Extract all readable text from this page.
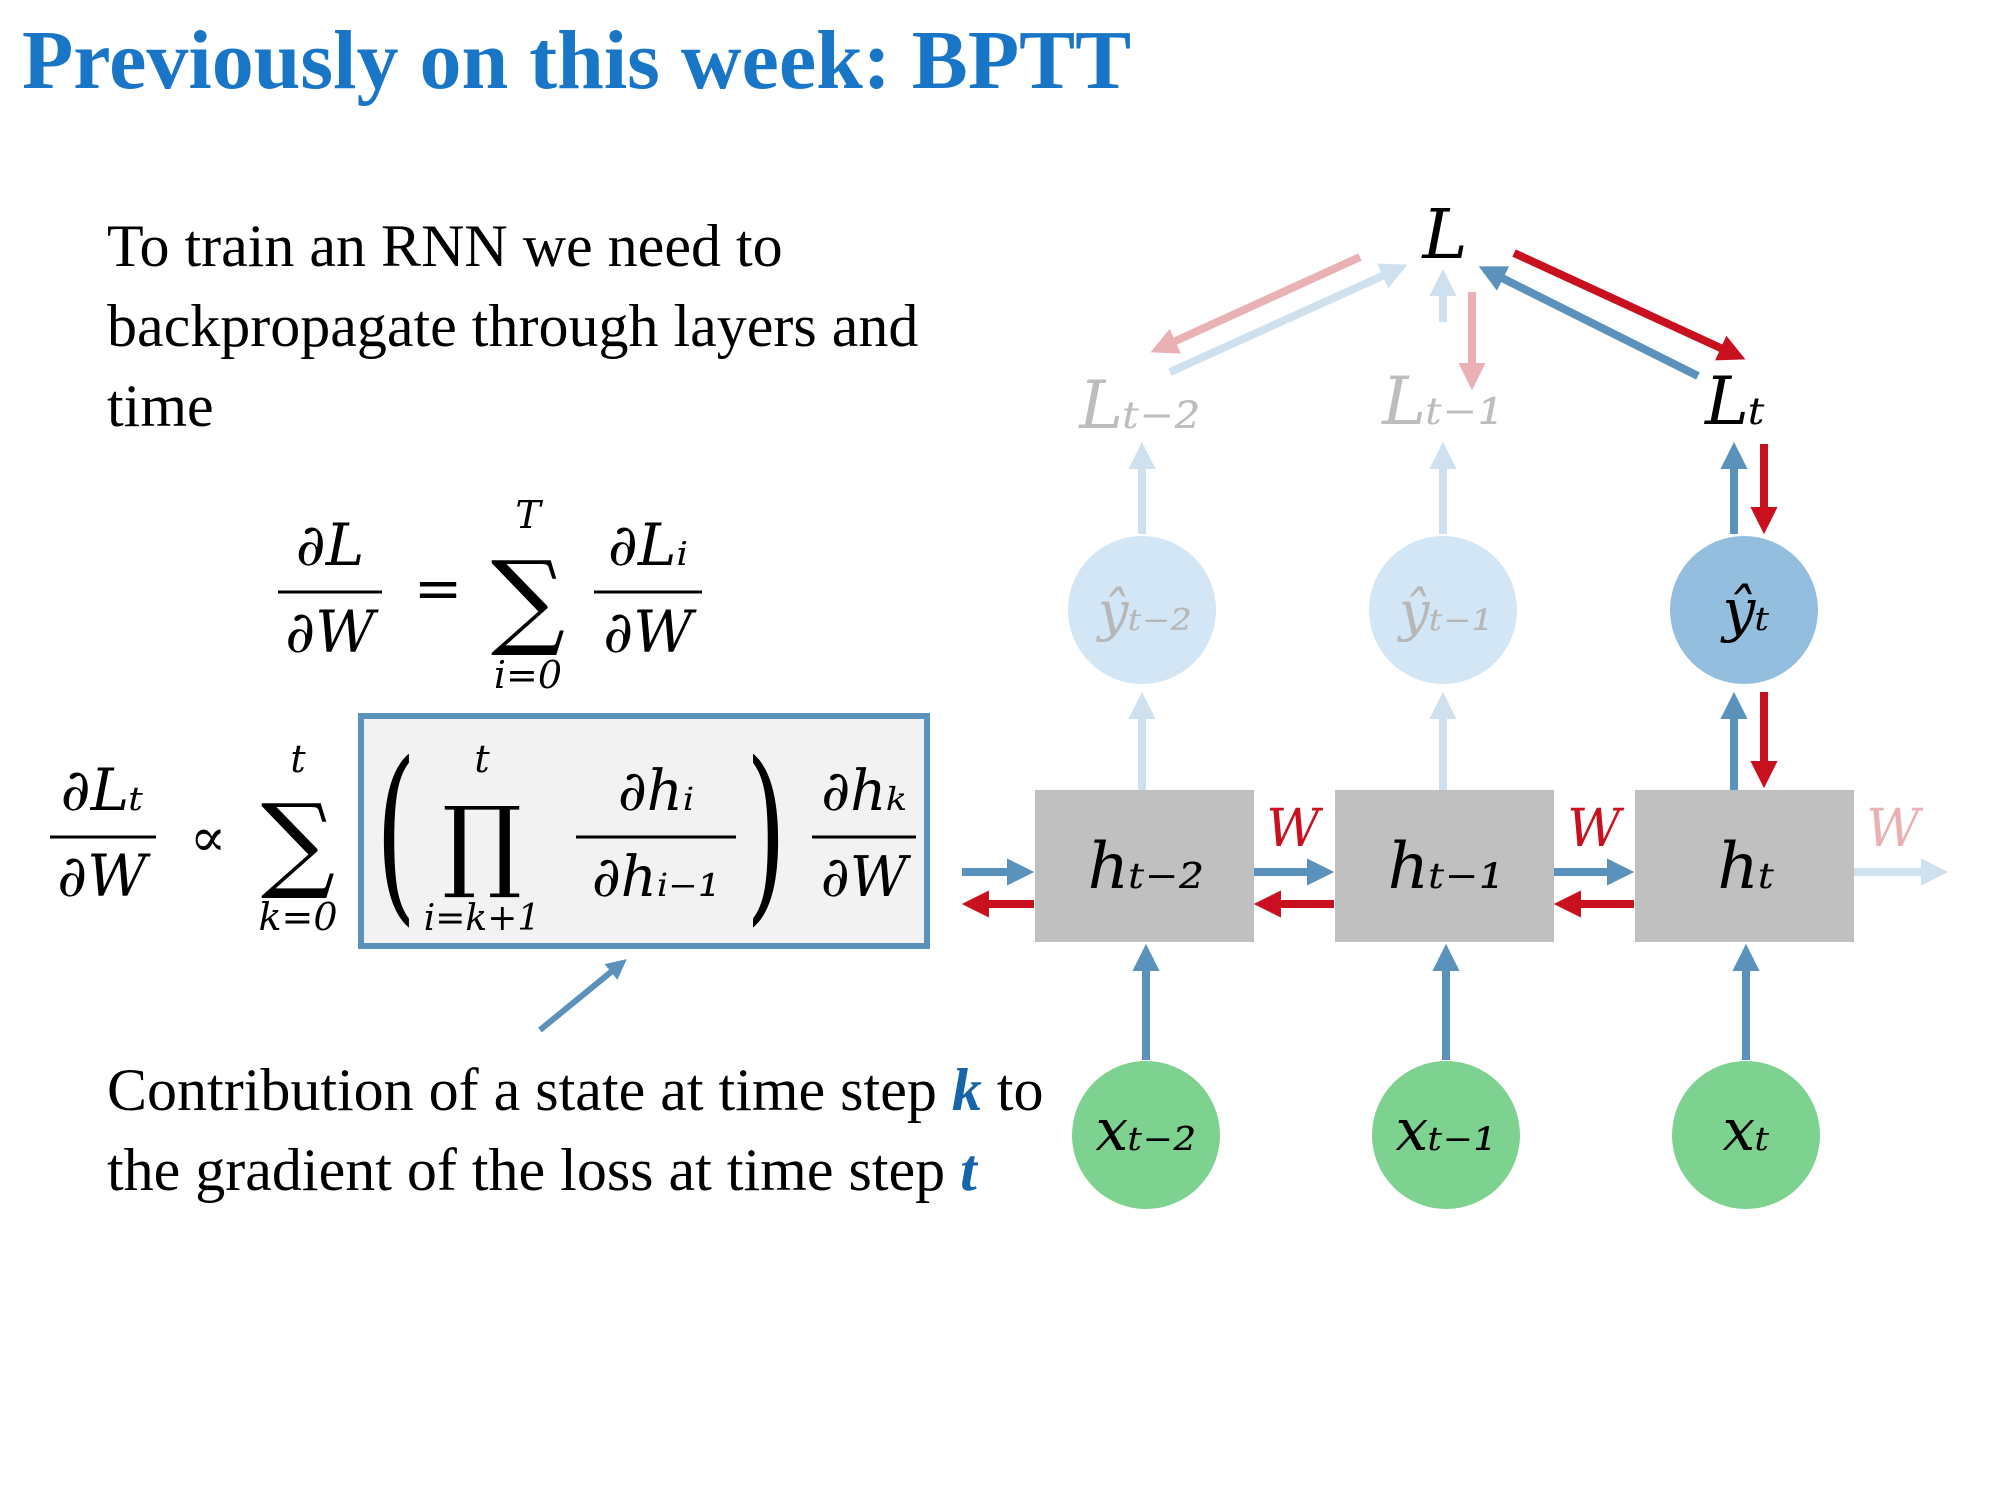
Previously on this week: BPTT
To train an RNN we need to backpropagate through layers and time
∂L
∂W
=
T
∑
i=0
∂Lᵢ
∂W
∂Lₜ
∂W
∝
t
∑
k=0 ( t
∏
i=k+1
∂hᵢ
∂hᵢ₋₁ ) ∂hₖ
∂W
L
Lₜ₋₂	Lₜ₋₁	Lₜ
ŷₜ₋₂	ŷₜ₋₁	ŷₜ
hₜ₋₂	hₜ₋₁	hₜ
W	W	W
xₜ₋₂	xₜ₋₁	xₜ
Contribution of a state at time step k to the gradient of the loss at time step t
